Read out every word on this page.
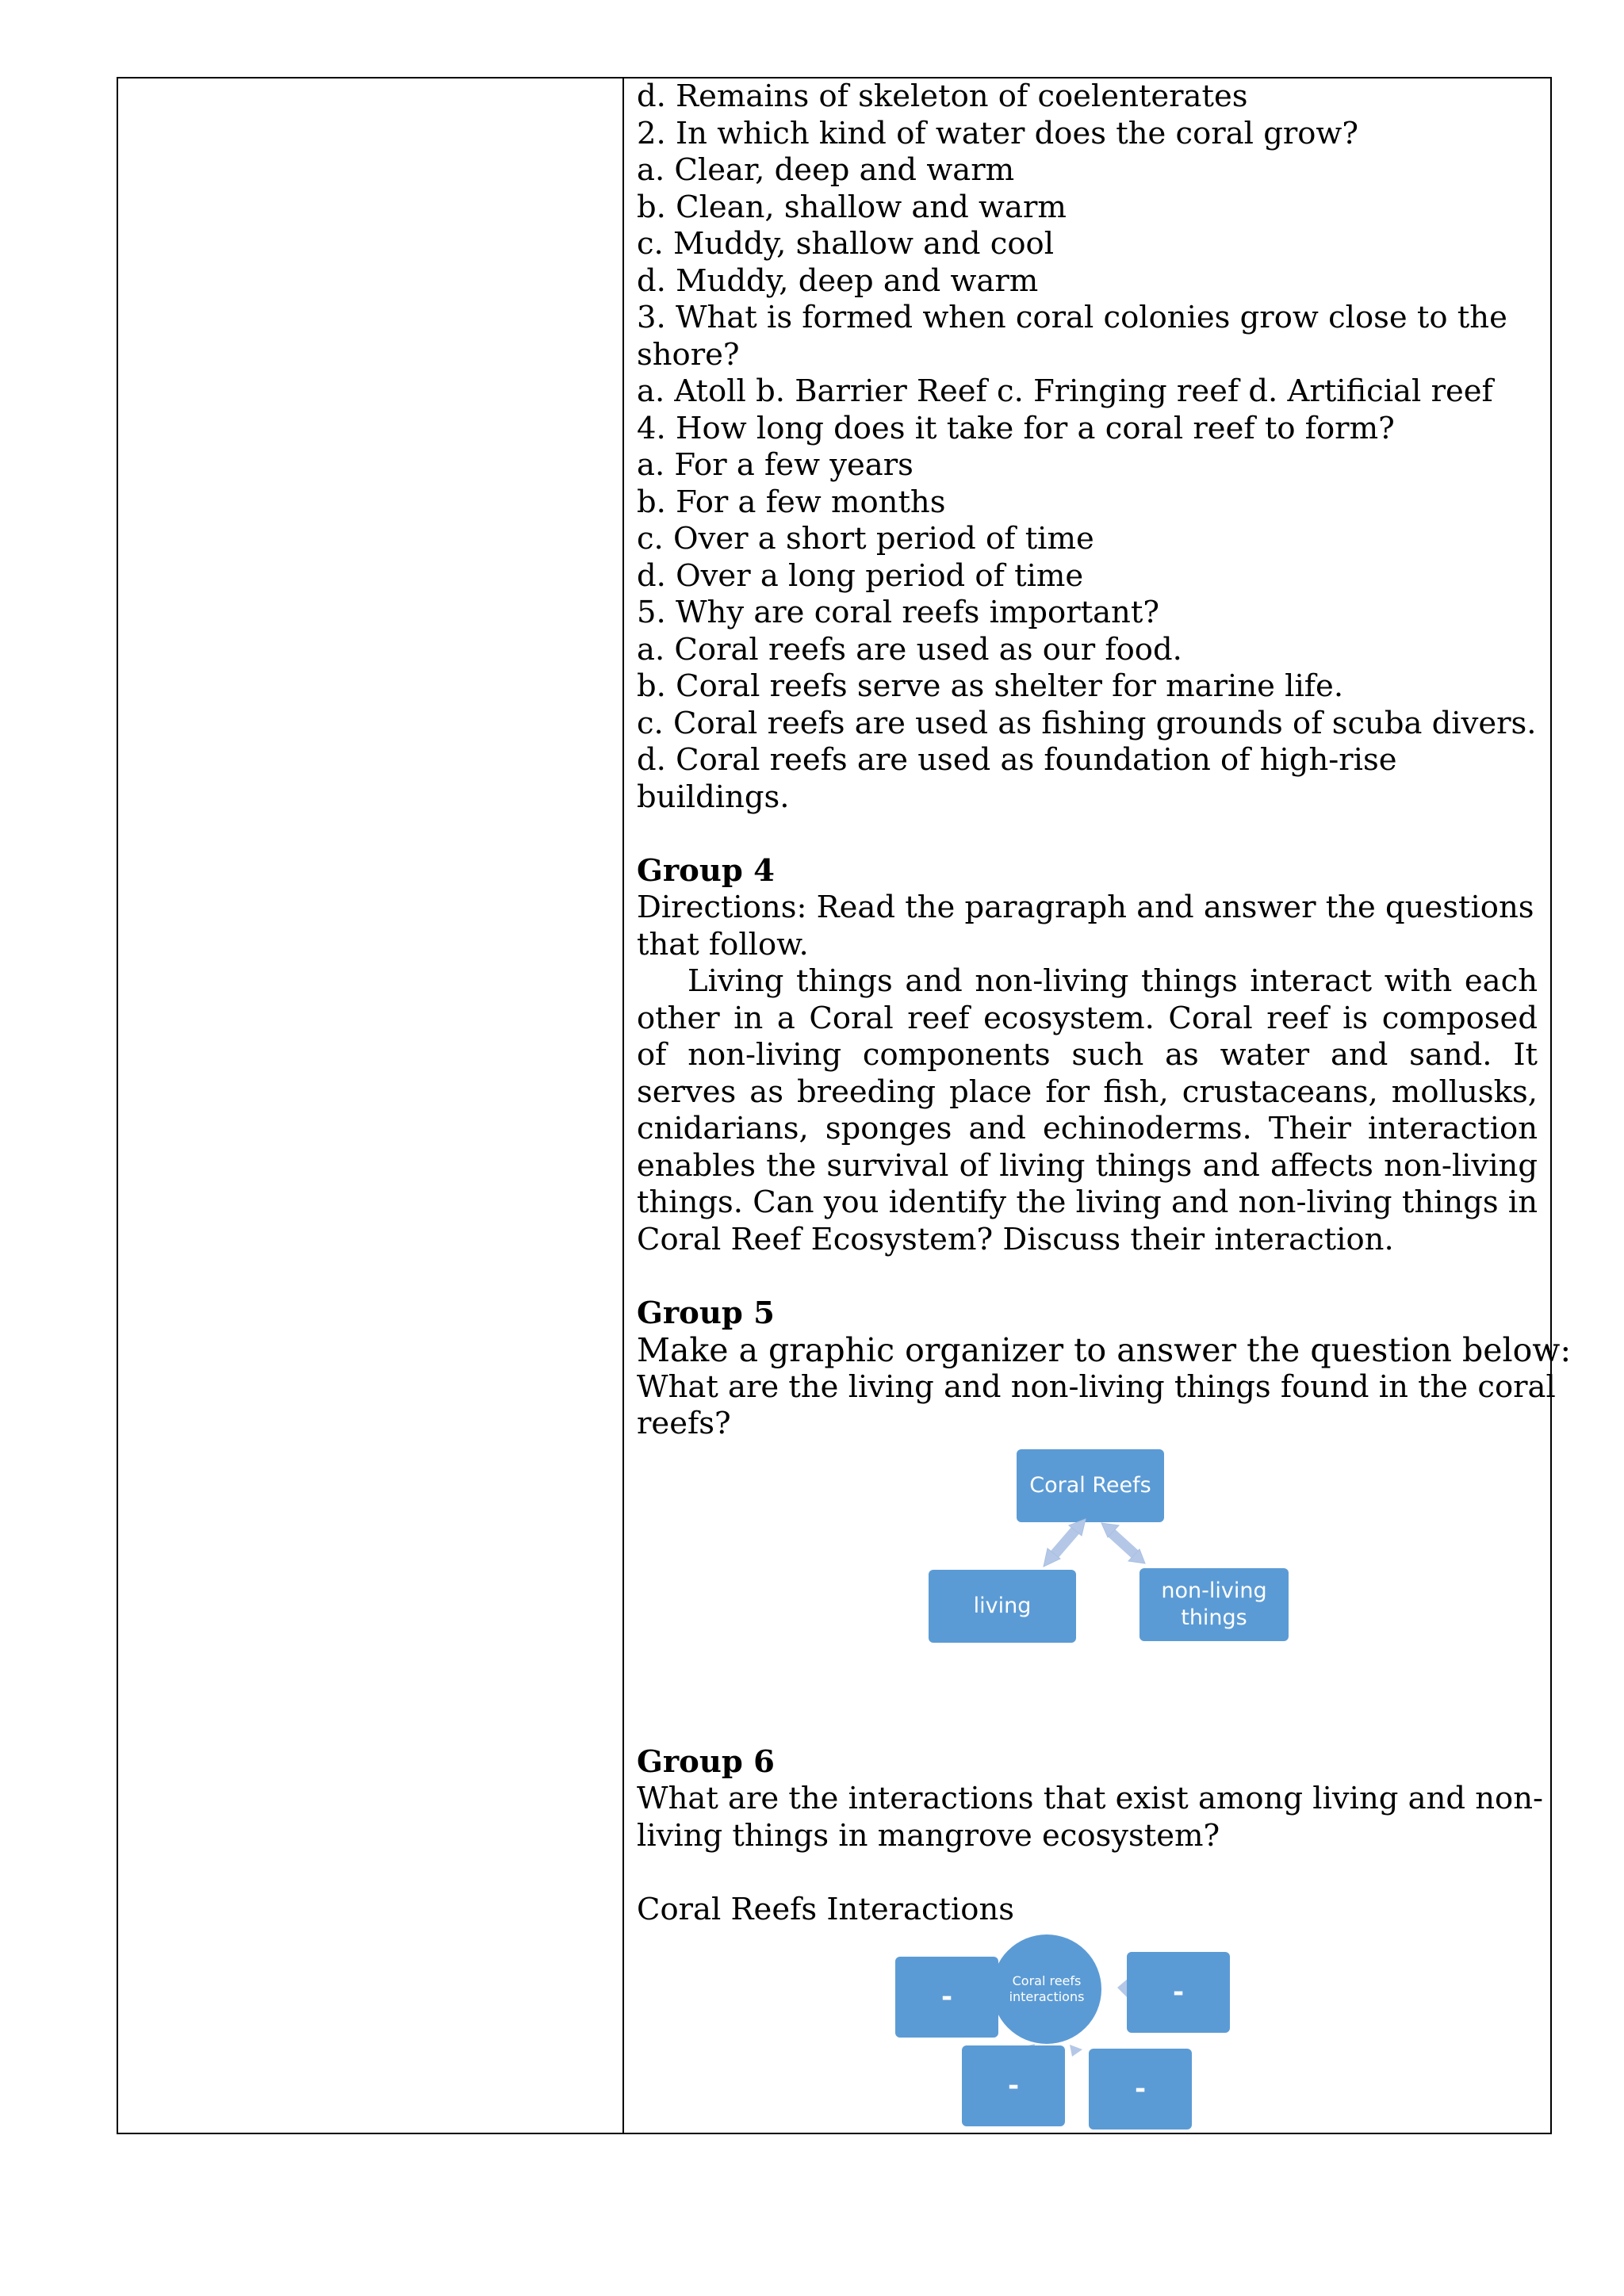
d. Remains of skeleton of coelenterates
2. In which kind of water does the coral grow?
a. Clear, deep and warm
b. Clean, shallow and warm
c. Muddy, shallow and cool
d. Muddy, deep and warm
3. What is formed when coral colonies grow close to the
shore?
a. Atoll b. Barrier Reef c. Fringing reef d. Artificial reef
4. How long does it take for a coral reef to form?
a. For a few years
b. For a few months
c. Over a short period of time
d. Over a long period of time
5. Why are coral reefs important?
a. Coral reefs are used as our food.
b. Coral reefs serve as shelter for marine life.
c. Coral reefs are used as fishing grounds of scuba divers.
d. Coral reefs are used as foundation of high-rise
buildings.
Group 4
Directions: Read the paragraph and answer the questions
that follow.
Living things and non-living things interact with each other in a Coral reef ecosystem. Coral reef is composed of non-living components such as water and sand. It serves as breeding place for fish, crustaceans, mollusks, cnidarians, sponges and echinoderms. Their interaction enables the survival of living things and affects non-living things. Can you identify the living and non-living things in Coral Reef Ecosystem? Discuss their interaction.
Group 5
Make a graphic organizer to answer the question below:
What are the living and non-living things found in the coral
reefs?
Coral Reefs
living
non-living
things
Group 6
What are the interactions that exist among living and non-
living things in mangrove ecosystem?
Coral Reefs Interactions
Coral reefs
interactions
-	-
-	-
